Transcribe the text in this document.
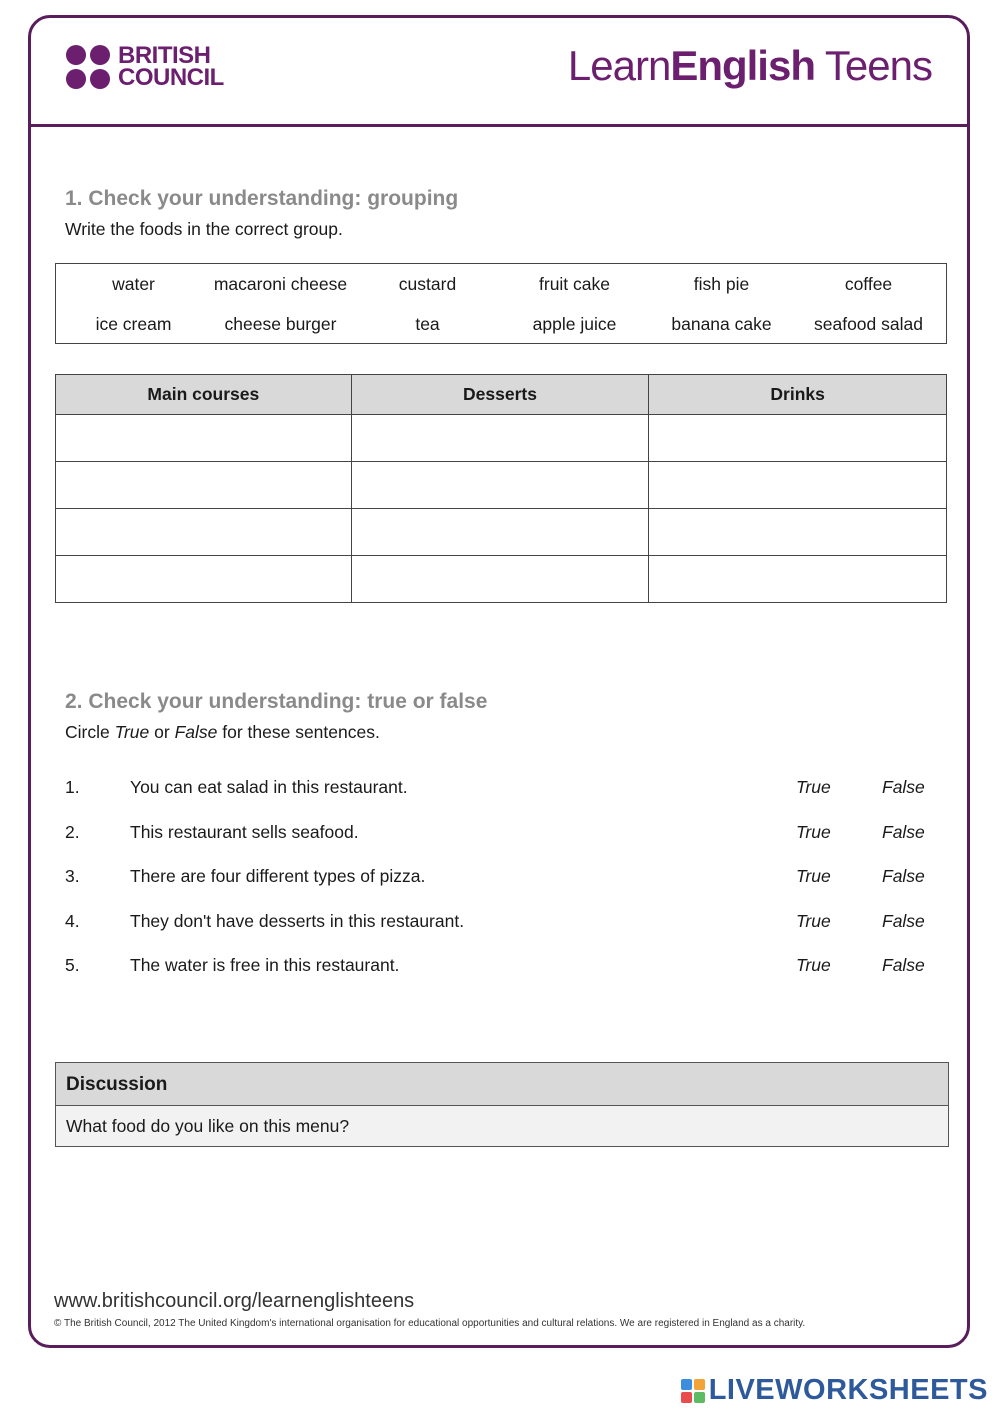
BRITISH
COUNCIL	LearnEnglish Teens
1. Check your understanding: grouping
Write the foods in the correct group.
water	macaroni cheese	custard	fruit cake	fish pie	coffee
ice cream	cheese burger	tea	apple juice	banana cake	seafood salad
Main courses	Desserts	Drinks

2. Check your understanding: true or false
Circle True or False for these sentences.
1.	You can eat salad in this restaurant.	True	False
2.	This restaurant sells seafood.	True	False
3.	There are four different types of pizza.	True	False
4.	They don't have desserts in this restaurant.	True	False
5.	The water is free in this restaurant.	True	False
Discussion
What food do you like on this menu?
www.britishcouncil.org/learnenglishteens
© The British Council, 2012 The United Kingdom's international organisation for educational opportunities and cultural relations. We are registered in England as a charity.
LIVEWORKSHEETS
